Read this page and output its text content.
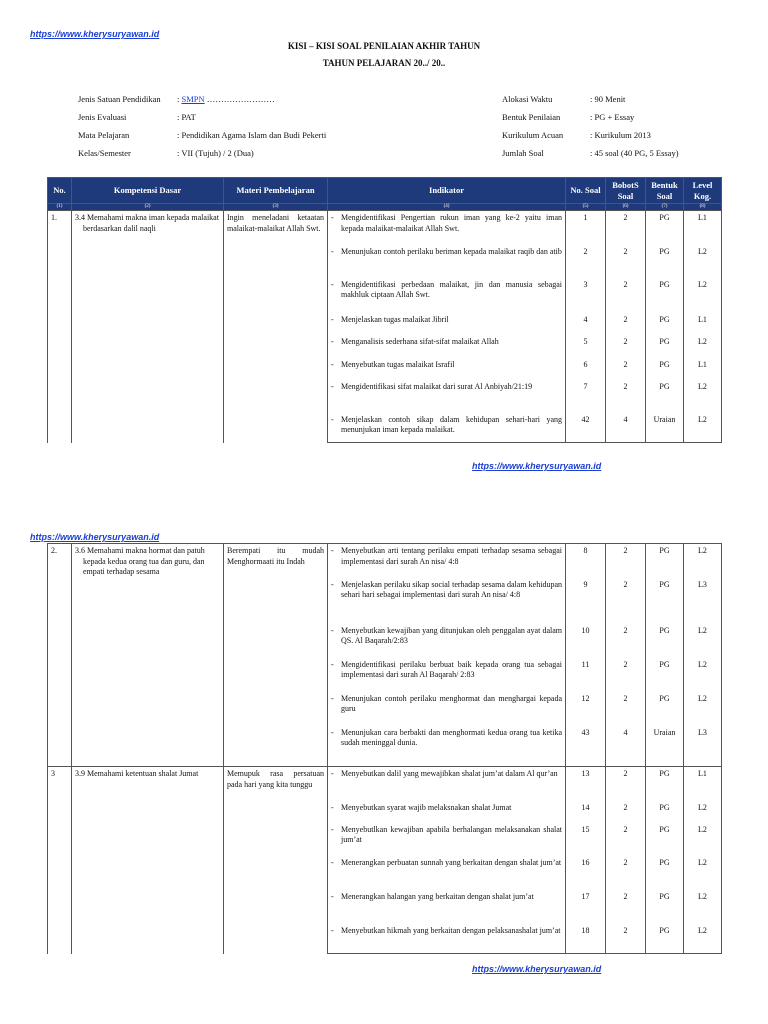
https://www.kherysuryawan.id
KISI – KISI SOAL PENILAIAN AKHIR TAHUN
TAHUN PELAJARAN 20../ 20..
Jenis Satuan Pendidikan	: SMPN ……………………
Jenis Evaluasi	: PAT
Mata Pelajaran	: Pendidikan Agama Islam dan Budi Pekerti
Kelas/Semester	: VII (Tujuh) / 2 (Dua)
Alokasi Waktu	: 90 Menit
Bentuk Penilaian	: PG + Essay
Kurikulum Acuan	: Kurikulum 2013
Jumlah Soal	: 45 soal (40 PG, 5 Essay)
No.	Kompetensi Dasar	Materi Pembelajaran	Indikator	No. Soal	BobotS Soal	Bentuk Soal	Level Kog.
(1)	(2)	(3)	(4)	(5)	(6)	(7)	(8)
1.	3.4 Memahami makna iman kepada malaikat berdasarkan dalil naqli	Ingin meneladani ketaatan malaikat-malaikat Allah Swt.	- Mengidentifikasi Pengertian rukun iman yang ke-2 yaitu iman kepada malaikat-malaikat Allah Swt.	1	2	PG	L1

			- Menunjukan contoh perilaku beriman kepada malaikat raqib dan atib	2	2	PG	L2

			- Mengidentifikasi perbedaan malaikat, jin dan manusia sebagai makhluk ciptaan Allah Swt.	3	2	PG	L2

			- Menjelaskan tugas malaikat Jibril	4	2	PG	L1

			- Menganalisis sederhana sifat-sifat malaikat Allah	5	2	PG	L2

			- Menyebutkan tugas malaikat Israfil	6	2	PG	L1

			- Mengidentifikasi sifat malaikat dari surat Al Anbiyah/21:19	7	2	PG	L2

			- Menjelaskan contoh sikap dalam kehidupan sehari-hari yang menunjukan iman kepada malaikat.	42	4	Uraian	L2
https://www.kherysuryawan.id
https://www.kherysuryawan.id
2.	3.6 Memahami makna hormat dan patuh kepada kedua orang tua dan guru, dan empati terhadap sesama	Berempati itu mudah Menghormaati itu Indah	- Menyebutkan arti tentang perilaku empati terhadap sesama sebagai implementasi dari surah An nisa/ 4:8	8	2	PG	L2

			- Menjelaskan perilaku sikap social terhadap sesama dalam kehidupan sehari hari sebagai implementasi dari surah An nisa/ 4:8	9	2	PG	L3

			- Menyebutkan kewajiban yang ditunjukan oleh penggalan ayat dalam QS. Al Baqarah/2:83	10	2	PG	L2

			- Mengidentifikasi perilaku berbuat baik kepada orang tua sebagai implementasi dari surah Al Baqarah/ 2:83	11	2	PG	L2

			- Menunjukan contoh perilaku menghormat dan menghargai kepada guru	12	2	PG	L2

			- Menunjukan cara berbakti dan menghormati kedua orang tua ketika sudah meninggal dunia.	43	4	Uraian	L3
3	3.9 Memahami ketentuan shalat Jumat	Memupuk rasa persatuan pada hari yang kita tunggu	- Menyebutkan dalil yang mewajibkan shalat jum’at dalam Al qur’an	13	2	PG	L1

			- Menyebutkan syarat wajib melaksnakan shalat Jumat	14	2	PG	L2

			- Menyebutlkan kewajiban apabila berhalangan melaksanakan shalat jum’at	15	2	PG	L2

			- Menerangkan perbuatan sunnah yang berkaitan dengan shalat jum’at	16	2	PG	L2

			- Menerangkan halangan yang berkaitan dengan shalat jum’at	17	2	PG	L2

			- Menyebutkan hikmah yang berkaitan dengan pelaksanashalat jum’at	18	2	PG	L2
https://www.kherysuryawan.id
